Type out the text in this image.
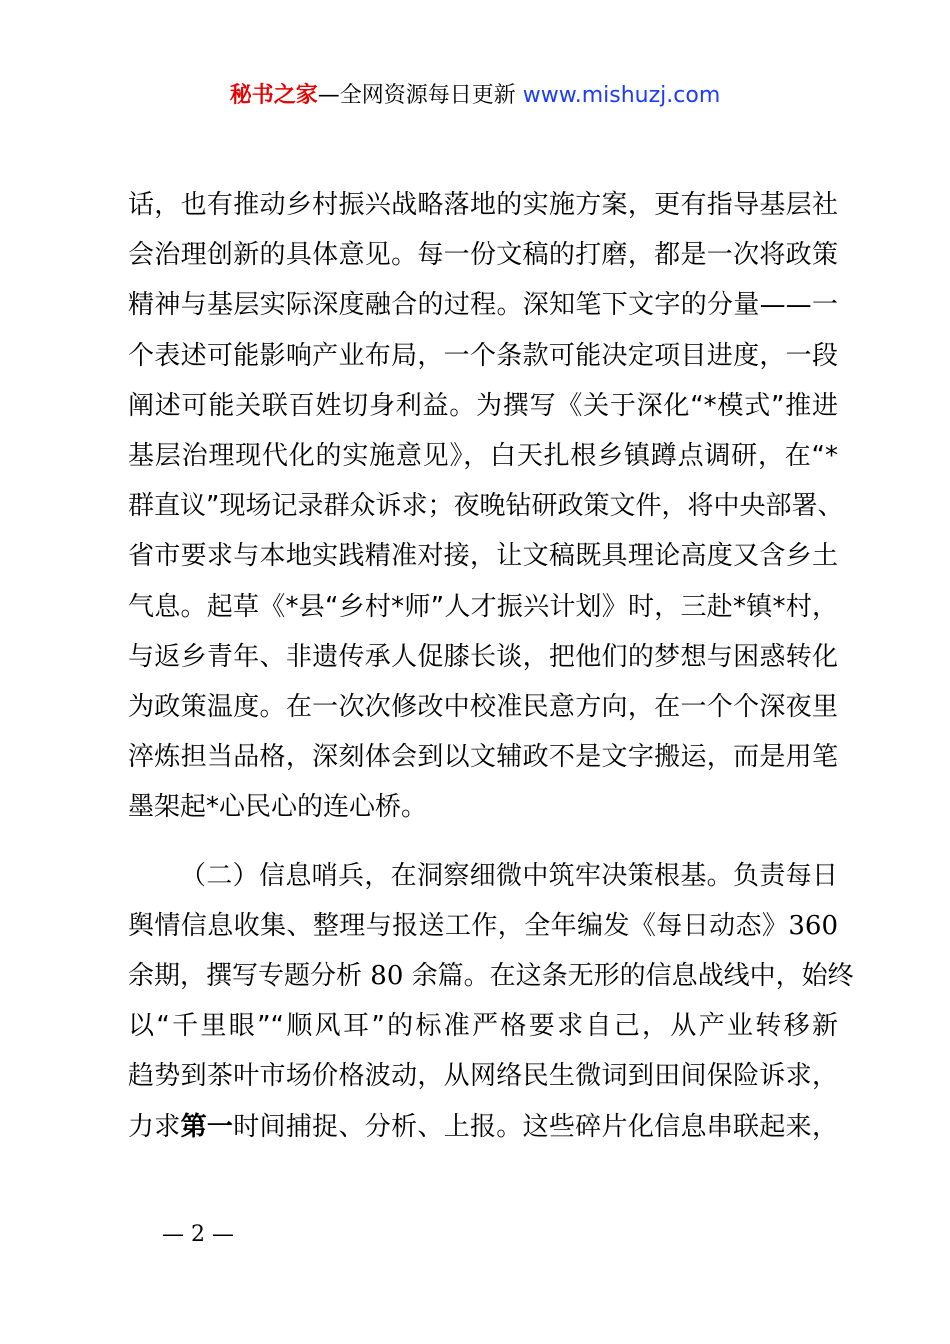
秘书之家—全网资源每日更新 www.mishuzj.com
话，也有推动乡村振兴战略落地的实施方案，更有指导基层社
会治理创新的具体意见。每一份文稿的打磨，都是一次将政策
精神与基层实际深度融合的过程。深知笔下文字的分量——一
个表述可能影响产业布局，一个条款可能决定项目进度，一段
阐述可能关联百姓切身利益。为撰写《关于深化“*模式”推进
基层治理现代化的实施意见》，白天扎根乡镇蹲点调研，在“*
群直议”现场记录群众诉求；夜晚钻研政策文件，将中央部署、
省市要求与本地实践精准对接，让文稿既具理论高度又含乡土
气息。起草《*县“乡村*师”人才振兴计划》时，三赴*镇*村，
与返乡青年、非遗传承人促膝长谈，把他们的梦想与困惑转化
为政策温度。在一次次修改中校准民意方向，在一个个深夜里
淬炼担当品格，深刻体会到以文辅政不是文字搬运，而是用笔
墨架起*心民心的连心桥。
（二）信息哨兵，在洞察细微中筑牢决策根基。负责每日
舆情信息收集、整理与报送工作，全年编发《每日动态》360
余期，撰写专题分析 80 余篇。在这条无形的信息战线中，始终
以“千里眼”“顺风耳”的标准严格要求自己，从产业转移新
趋势到茶叶市场价格波动，从网络民生微词到田间保险诉求，
力求第一时间捕捉、分析、上报。这些碎片化信息串联起来，
— 2 —
